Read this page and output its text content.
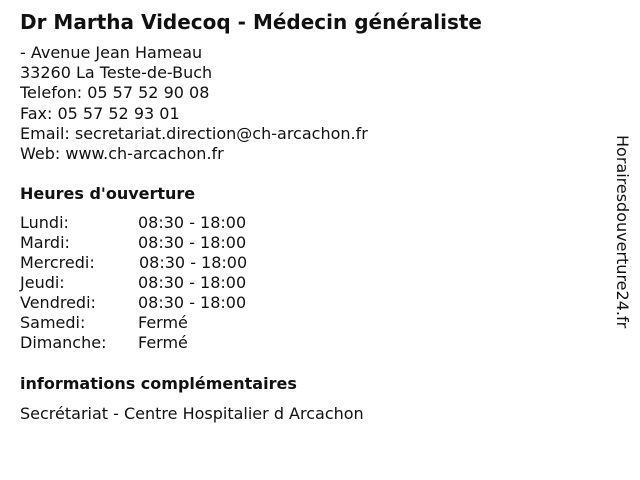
Dr Martha Videcoq - Médecin généraliste
- Avenue Jean Hameau
33260 La Teste-de-Buch
Telefon: 05 57 52 90 08
Fax: 05 57 52 93 01
Email: secretariat.direction@ch-arcachon.fr
Web: www.ch-arcachon.fr
Heures d'ouverture
Lundi:	08:30 - 18:00
Mardi:	08:30 - 18:00
Mercredi:	08:30 - 18:00
Jeudi:	08:30 - 18:00
Vendredi:	08:30 - 18:00
Samedi:	Fermé
Dimanche: Fermé
informations complémentaires
Secrétariat - Centre Hospitalier d Arcachon
Horairesdouverture24.fr
